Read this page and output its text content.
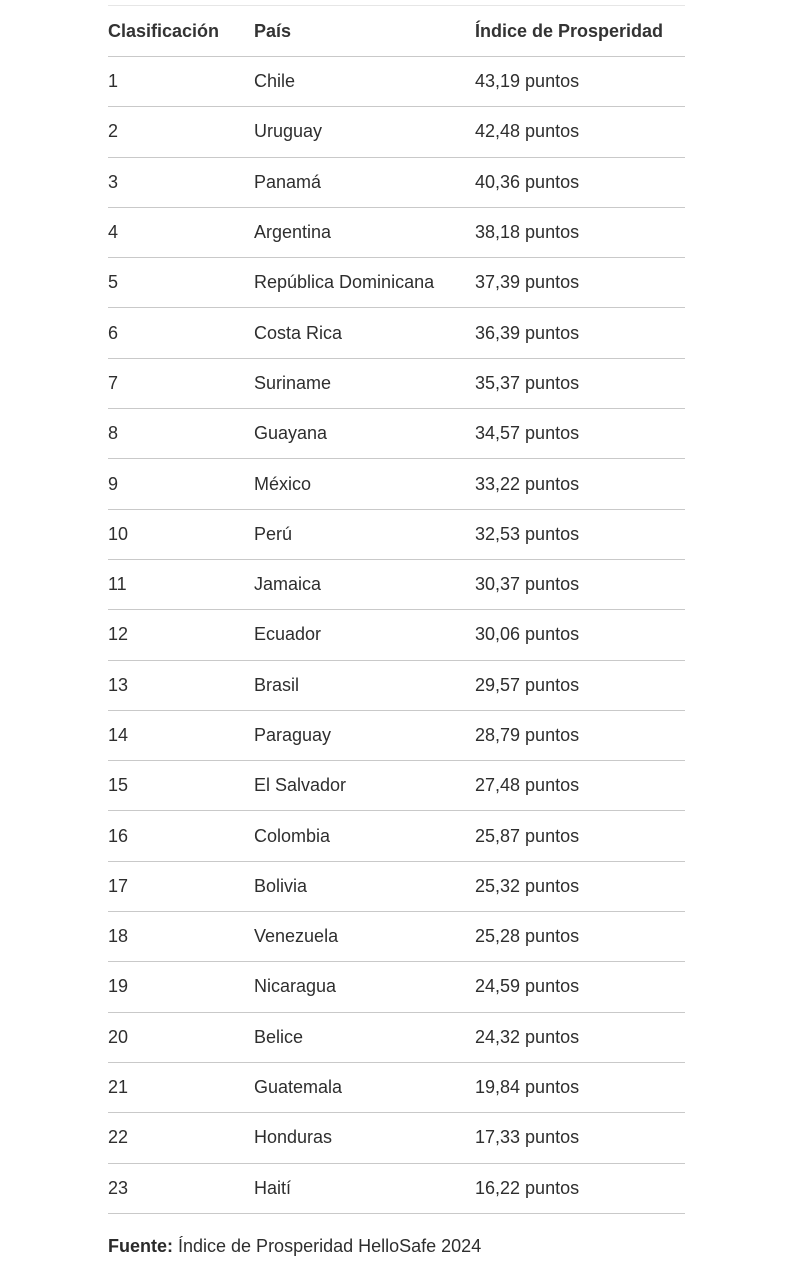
Clasificación	País	Índice de Prosperidad
1	Chile	43,19 puntos
2	Uruguay	42,48 puntos
3	Panamá	40,36 puntos
4	Argentina	38,18 puntos
5	República Dominicana	37,39 puntos
6	Costa Rica	36,39 puntos
7	Suriname	35,37 puntos
8	Guayana	34,57 puntos
9	México	33,22 puntos
10	Perú	32,53 puntos
11	Jamaica	30,37 puntos
12	Ecuador	30,06 puntos
13	Brasil	29,57 puntos
14	Paraguay	28,79 puntos
15	El Salvador	27,48 puntos
16	Colombia	25,87 puntos
17	Bolivia	25,32 puntos
18	Venezuela	25,28 puntos
19	Nicaragua	24,59 puntos
20	Belice	24,32 puntos
21	Guatemala	19,84 puntos
22	Honduras	17,33 puntos
23	Haití	16,22 puntos
Fuente: Índice de Prosperidad HelloSafe 2024
